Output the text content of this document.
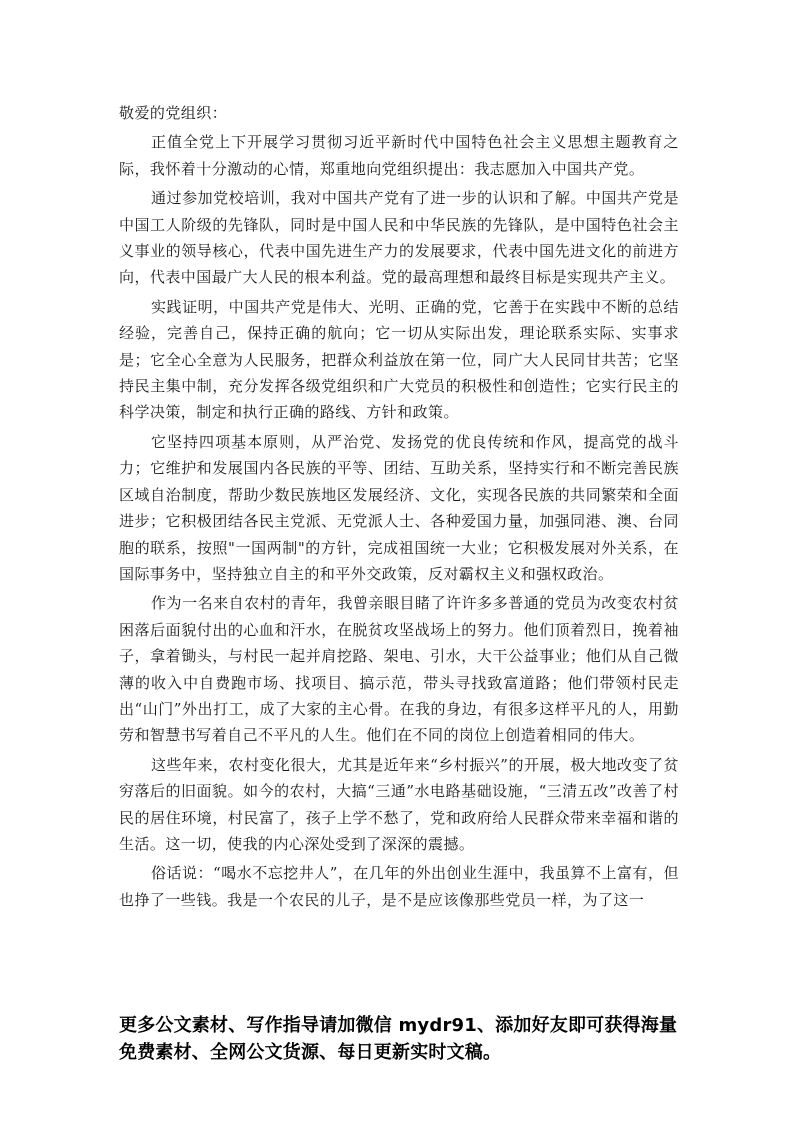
敬爱的党组织：

正值全党上下开展学习贯彻习近平新时代中国特色社会主义思想主题教育之际，我怀着十分激动的心情，郑重地向党组织提出：我志愿加入中国共产党。

通过参加党校培训，我对中国共产党有了进一步的认识和了解。中国共产党是中国工人阶级的先锋队，同时是中国人民和中华民族的先锋队，是中国特色社会主义事业的领导核心，代表中国先进生产力的发展要求，代表中国先进文化的前进方向，代表中国最广大人民的根本利益。党的最高理想和最终目标是实现共产主义。

实践证明，中国共产党是伟大、光明、正确的党，它善于在实践中不断的总结经验，完善自己，保持正确的航向；它一切从实际出发，理论联系实际、实事求是；它全心全意为人民服务，把群众利益放在第一位，同广大人民同甘共苦；它坚持民主集中制，充分发挥各级党组织和广大党员的积极性和创造性；它实行民主的科学决策，制定和执行正确的路线、方针和政策。

它坚持四项基本原则，从严治党、发扬党的优良传统和作风，提高党的战斗力；它维护和发展国内各民族的平等、团结、互助关系，坚持实行和不断完善民族区域自治制度，帮助少数民族地区发展经济、文化，实现各民族的共同繁荣和全面进步；它积极团结各民主党派、无党派人士、各种爱国力量，加强同港、澳、台同胞的联系，按照"一国两制"的方针，完成祖国统一大业；它积极发展对外关系，在国际事务中，坚持独立自主的和平外交政策，反对霸权主义和强权政治。

作为一名来自农村的青年，我曾亲眼目睹了许许多多普通的党员为改变农村贫困落后面貌付出的心血和汗水，在脱贫攻坚战场上的努力。他们顶着烈日，挽着袖子，拿着锄头，与村民一起并肩挖路、架电、引水，大干公益事业；他们从自己微薄的收入中自费跑市场、找项目、搞示范，带头寻找致富道路；他们带领村民走出“山门”外出打工，成了大家的主心骨。在我的身边，有很多这样平凡的人，用勤劳和智慧书写着自己不平凡的人生。他们在不同的岗位上创造着相同的伟大。

这些年来，农村变化很大，尤其是近年来“乡村振兴”的开展，极大地改变了贫穷落后的旧面貌。如今的农村，大搞“三通”水电路基础设施，“三清五改”改善了村民的居住环境，村民富了，孩子上学不愁了，党和政府给人民群众带来幸福和谐的生活。这一切，使我的内心深处受到了深深的震撼。

俗话说：“喝水不忘挖井人”，在几年的外出创业生涯中，我虽算不上富有，但也挣了一些钱。我是一个农民的儿子，是不是应该像那些党员一样，为了这一

更多公文素材、写作指导请加微信 mydr91、添加好友即可获得海量免费素材、全网公文货源、每日更新实时文稿。
